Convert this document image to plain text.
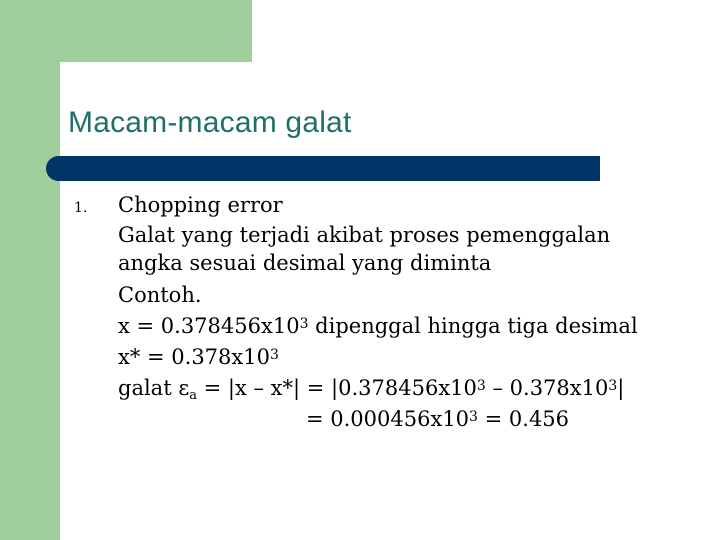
Macam-macam galat
1. Chopping error
Galat yang terjadi akibat proses pemenggalan
angka sesuai desimal yang diminta
Contoh.
$x = 0.378456x10^3$ dipenggal hingga tiga desimal
$x* = 0.378x10^3$
galat $\varepsilon_a = |x - x*| = |0.378456x10^3 - 0.378x10^3|$
= $0.000456x10^3 = 0.456$
